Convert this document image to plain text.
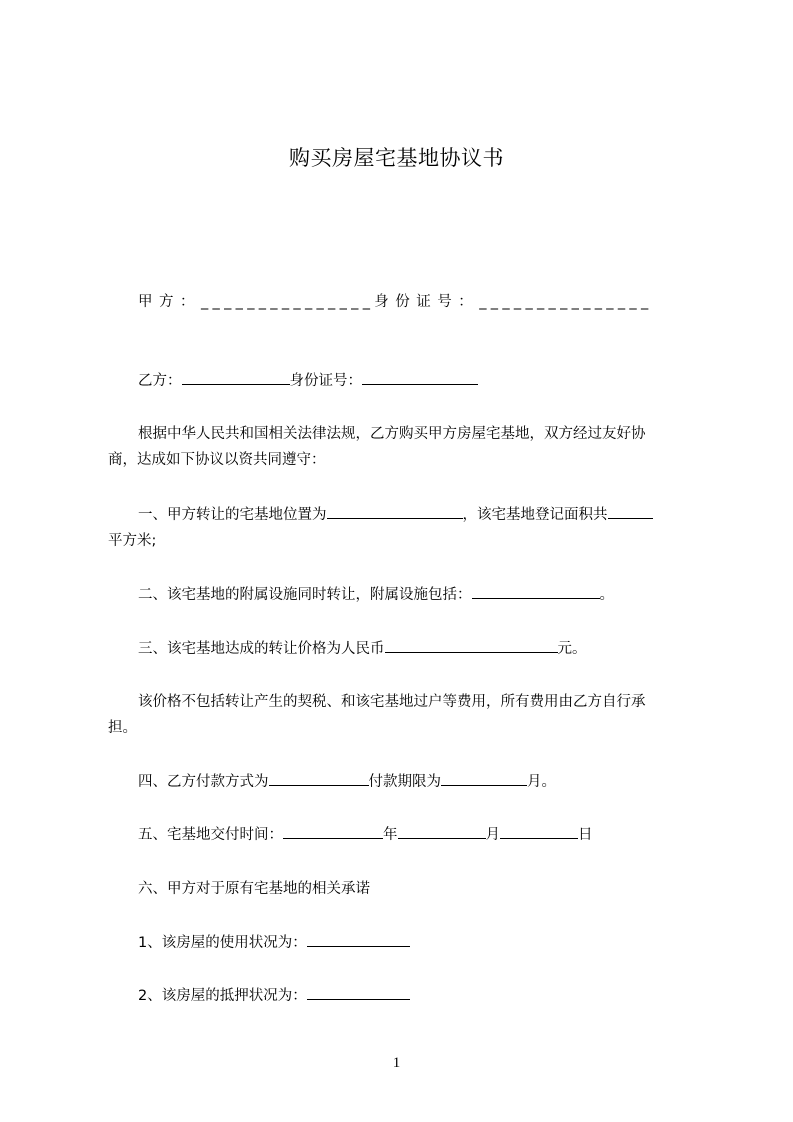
购买房屋宅基地协议书
甲方：_______________身份证号：_______________
乙方：	身份证号：
根据中华人民共和国相关法律法规，乙方购买甲方房屋宅基地，双方经过友好协
商，达成如下协议以资共同遵守：
一、甲方转让的宅基地位置为	，该宅基地登记面积共
平方米;
二、该宅基地的附属设施同时转让，附属设施包括：	。
三、该宅基地达成的转让价格为人民币	元。
该价格不包括转让产生的契税、和该宅基地过户等费用，所有费用由乙方自行承
担。
四、乙方付款方式为	付款期限为	月。
五、宅基地交付时间：	年	月	日
六、甲方对于原有宅基地的相关承诺
1、该房屋的使用状况为：
2、该房屋的抵押状况为：
1
